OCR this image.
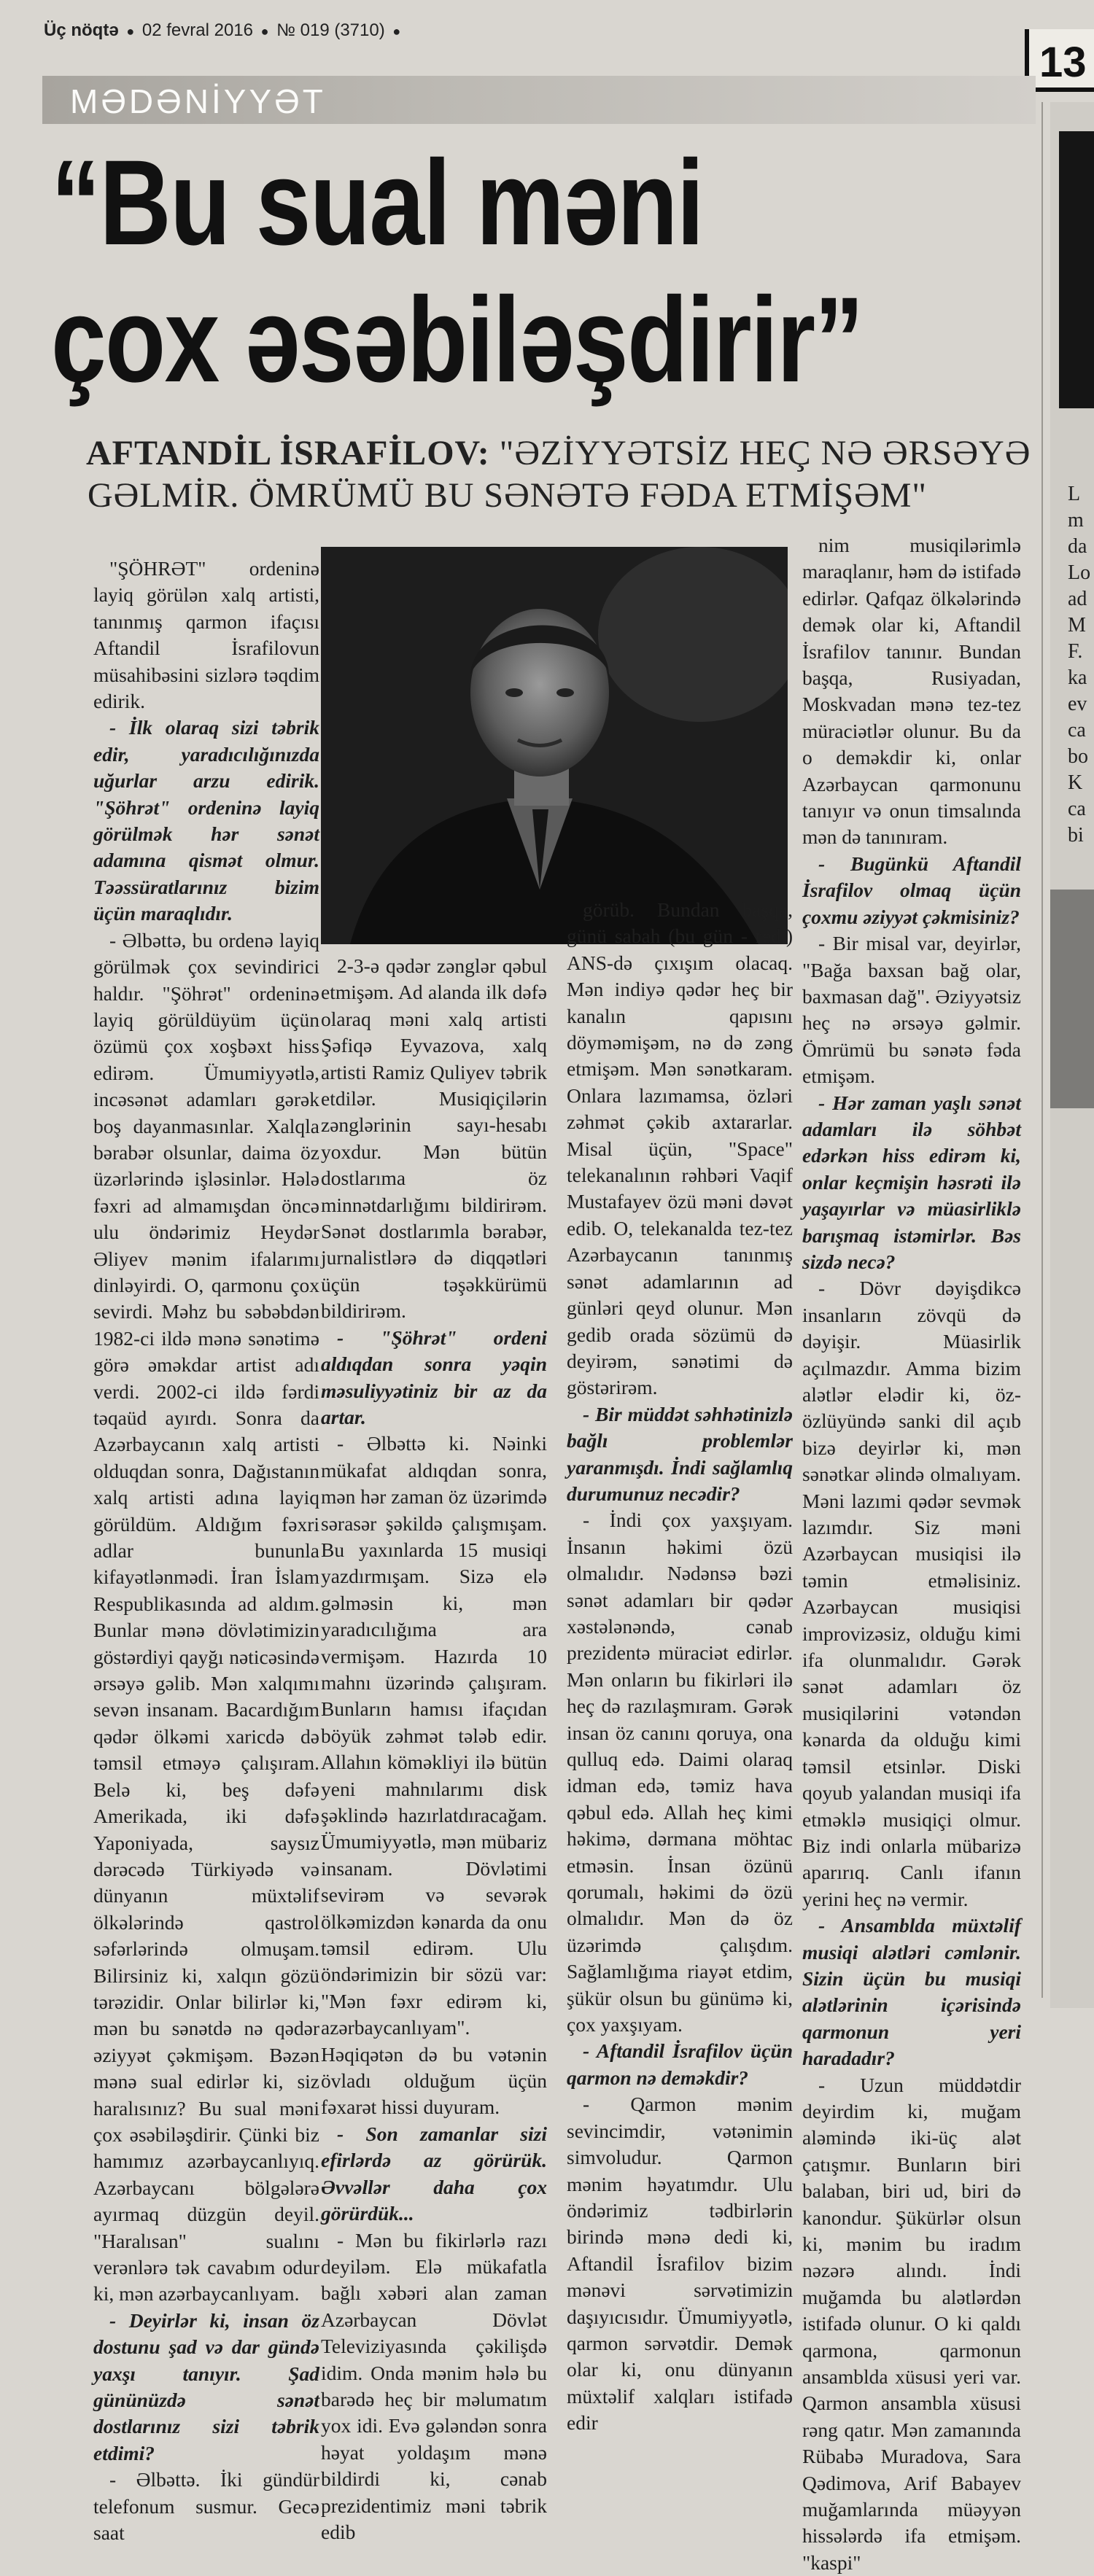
Üç nöqtə ● 02 fevral 2016 ● № 019 (3710) ●
13
MƏDƏNİYYƏT
“Bu sual məni
çox əsəbiləşdirir”
AFTANDİL İSRAFİLOV: "ƏZİYYƏTSİZ HEÇ NƏ ƏRSƏYƏ
GƏLMİR. ÖMRÜMÜ BU SƏNƏTƏ FƏDA ETMİŞƏM"

"ŞÖHRƏT" ordeninə layiq görülən xalq artisti, tanınmış qarmon ifaçısı Aftandil İsrafilovun müsahibəsini sizlərə təqdim edirik.

- İlk olaraq sizi təbrik edir, yaradıcılığınızda uğurlar arzu edirik. "Şöhrət" ordeninə layiq görülmək hər sənət adamına qismət olmur. Təəssüratlarınız bizim üçün maraqlıdır.

- Əlbəttə, bu ordenə layiq görülmək çox sevindirici haldır. "Şöhrət" ordeninə layiq görüldüyüm üçün özümü çox xoşbəxt hiss edirəm. Ümumiyyətlə, incəsənət adamları gərək boş dayanmasınlar. Xalqla bərabər olsunlar, daima öz üzərlərində işləsinlər. Hələ fəxri ad almamışdan öncə ulu öndərimiz Heydər Əliyev mənim ifalarımı dinləyirdi. O, qarmonu çox sevirdi. Məhz bu səbəbdən 1982-ci ildə mənə sənətimə görə əməkdar artist adı verdi. 2002-ci ildə fərdi təqaüd ayırdı. Sonra da Azərbaycanın xalq artisti olduqdan sonra, Dağıstanın xalq artisti adına layiq görüldüm. Aldığım fəxri adlar bununla kifayətlənmədi. İran İslam Respublikasında ad aldım. Bunlar mənə dövlətimizin göstərdiyi qayğı nəticəsində ərsəyə gəlib. Mən xalqımı sevən insanam. Bacardığım qədər ölkəmi xaricdə də təmsil etməyə çalışıram. Belə ki, beş dəfə Amerikada, iki dəfə Yaponiyada, saysız dərəcədə Türkiyədə və dünyanın müxtəlif ölkələrində qastrol səfərlərində olmuşam. Bilirsiniz ki, xalqın gözü tərəzidir. Onlar bilirlər ki, mən bu sənətdə nə qədər əziyyət çəkmişəm. Bəzən mənə sual edirlər ki, siz haralısınız? Bu sual məni çox əsəbiləşdirir. Çünki biz hamımız azərbaycanlıyıq. Azərbaycanı bölgələrə ayırmaq düzgün deyil. "Haralısan" sualını verənlərə tək cavabım odur ki, mən azərbaycanlıyam.

- Deyirlər ki, insan öz dostunu şad və dar gündə yaxşı tanıyır. Şad gününüzdə sənət dostlarınız sizi təbrik etdimi?

- Əlbəttə. İki gündür telefonum susmur. Gecə saat

2-3-ə qədər zənglər qəbul etmişəm. Ad alanda ilk dəfə olaraq məni xalq artisti Şəfiqə Eyvazova, xalq artisti Ramiz Quliyev təbrik etdilər. Musiqiçilərin zənglərinin sayı-hesabı yoxdur. Mən bütün dostlarıma öz minnətdarlığımı bildirirəm. Sənət dostlarımla bərabər, jurnalistlərə də diqqətləri üçün təşəkkürümü bildirirəm.

- "Şöhrət" ordeni aldıqdan sonra yəqin məsuliyyətiniz bir az da artar.

- Əlbəttə ki. Nəinki mükafat aldıqdan sonra, mən hər zaman öz üzərimdə sərasər şəkildə çalışmışam. Bu yaxınlarda 15 musiqi yazdırmışam. Sizə elə gəlməsin ki, mən yaradıcılığıma ara vermişəm. Hazırda 10 mahnı üzərində çalışıram. Bunların hamısı ifaçıdan böyük zəhmət tələb edir. Allahın köməkliyi ilə bütün yeni mahnılarımı disk şəklində hazırlatdıracağam. Ümumiyyətlə, mən mübariz insanam. Dövlətimi sevirəm və sevərək ölkəmizdən kənarda da onu təmsil edirəm. Ulu öndərimizin bir sözü var: "Mən fəxr edirəm ki, azərbaycanlıyam". Həqiqətən də bu vətənin övladı olduğum üçün fəxarət hissi duyuram.

- Son zamanlar sizi efirlərdə az görürük. Əvvəllər daha çox görürdük...

- Mən bu fikirlərlə razı deyiləm. Elə mükafatla bağlı xəbəri alan zaman Azərbaycan Dövlət Televiziyasında çəkilişdə idim. Onda mənim hələ bu barədə heç bir məlumatım yox idi. Evə gələndən sonra həyat yoldaşım mənə bildirdi ki, cənab prezidentimiz məni təbrik edib

görüb. Bundan başqa, günü sabah (bu gün - red.) ANS-də çıxışım olacaq. Mən indiyə qədər heç bir kanalın qapısını döyməmişəm, nə də zəng etmişəm. Mən sənətkaram. Onlara lazımamsa, özləri zəhmət çəkib axtararlar. Misal üçün, "Space" telekanalının rəhbəri Vaqif Mustafayev özü məni dəvət edib. O, telekanalda tez-tez Azərbaycanın tanınmış sənət adamlarının ad günləri qeyd olunur. Mən gedib orada sözümü də deyirəm, sənətimi də göstərirəm.

- Bir müddət səhhətinizlə bağlı problemlər yaranmışdı. İndi sağlamlıq durumunuz necədir?

- İndi çox yaxşıyam. İnsanın həkimi özü olmalıdır. Nədənsə bəzi sənət adamları bir qədər xəstələnəndə, cənab prezidentə müraciət edirlər. Mən onların bu fikirləri ilə heç də razılaşmıram. Gərək insan öz canını qoruya, ona qulluq edə. Daimi olaraq idman edə, təmiz hava qəbul edə. Allah heç kimi həkimə, dərmana möhtac etməsin. İnsan özünü qorumalı, həkimi də özü olmalıdır. Mən də öz üzərimdə çalışdım. Sağlamlığıma riayət etdim, şükür olsun bu günümə ki, çox yaxşıyam.

- Aftandil İsrafilov üçün qarmon nə deməkdir?

- Qarmon mənim sevincimdir, vətənimin simvoludur. Qarmon mənim həyatımdır. Ulu öndərimiz tədbirlərin birində mənə dedi ki, Aftandil İsrafilov bizim mənəvi sərvətimizin daşıyıcısıdır. Ümumiyyətlə, qarmon sərvətdir. Demək olar ki, onu dünyanın müxtəlif xalqları istifadə edir

nim musiqilərimlə maraqlanır, həm də istifadə edirlər. Qafqaz ölkələrində demək olar ki, Aftandil İsrafilov tanınır. Bundan başqa, Rusiyadan, Moskvadan mənə tez-tez müraciətlər olunur. Bu da o deməkdir ki, onlar Azərbaycan qarmonunu tanıyır və onun timsalında mən də tanınıram.

- Bugünkü Aftandil İsrafilov olmaq üçün çoxmu əziyyət çəkmisiniz?

- Bir misal var, deyirlər, "Bağa baxsan bağ olar, baxmasan dağ". Əziyyətsiz heç nə ərsəyə gəlmir. Ömrümü bu sənətə fəda etmişəm.

- Hər zaman yaşlı sənət adamları ilə söhbət edərkən hiss edirəm ki, onlar keçmişin həsrəti ilə yaşayırlar və müasirliklə barışmaq istəmirlər. Bəs sizdə necə?

- Dövr dəyişdikcə insanların zövqü də dəyişir. Müasirlik açılmazdır. Amma bizim alətlər elədir ki, öz-özlüyündə sanki dil açıb bizə deyirlər ki, mən sənətkar əlində olmalıyam. Məni lazımi qədər sevmək lazımdır. Siz məni Azərbaycan musiqisi ilə təmin etməlisiniz. Azərbaycan musiqisi improvizəsiz, olduğu kimi ifa olunmalıdır. Gərək sənət adamları öz musiqilərini vətəndən kənarda da olduğu kimi təmsil etsinlər. Diski qoyub yalandan musiqi ifa etməklə musiqiçi olmur. Biz indi onlarla mübarizə aparırıq. Canlı ifanın yerini heç nə vermir.

- Ansamblda müxtəlif musiqi alətləri cəmlənir. Sizin üçün bu musiqi alətlərinin içərisində qarmonun yeri haradadır?

- Uzun müddətdir deyirdim ki, muğam aləmində iki-üç alət çatışmır. Bunların biri balaban, biri ud, biri də kanondur. Şükürlər olsun ki, mənim bu iradım nəzərə alındı. İndi muğamda bu alətlərdən istifadə olunur. O ki qaldı qarmona, qarmonun ansamblda xüsusi yeri var. Qarmon ansambla xüsusi rəng qatır. Mən zamanında Rübabə Muradova, Sara Qədimova, Arif Babayev muğamlarında müəyyən hissələrdə ifa etmişəm. "kaspi"

L
m
da
Lo
ad
M
F.
ka
ev
ca
bo
K
ca
bi
